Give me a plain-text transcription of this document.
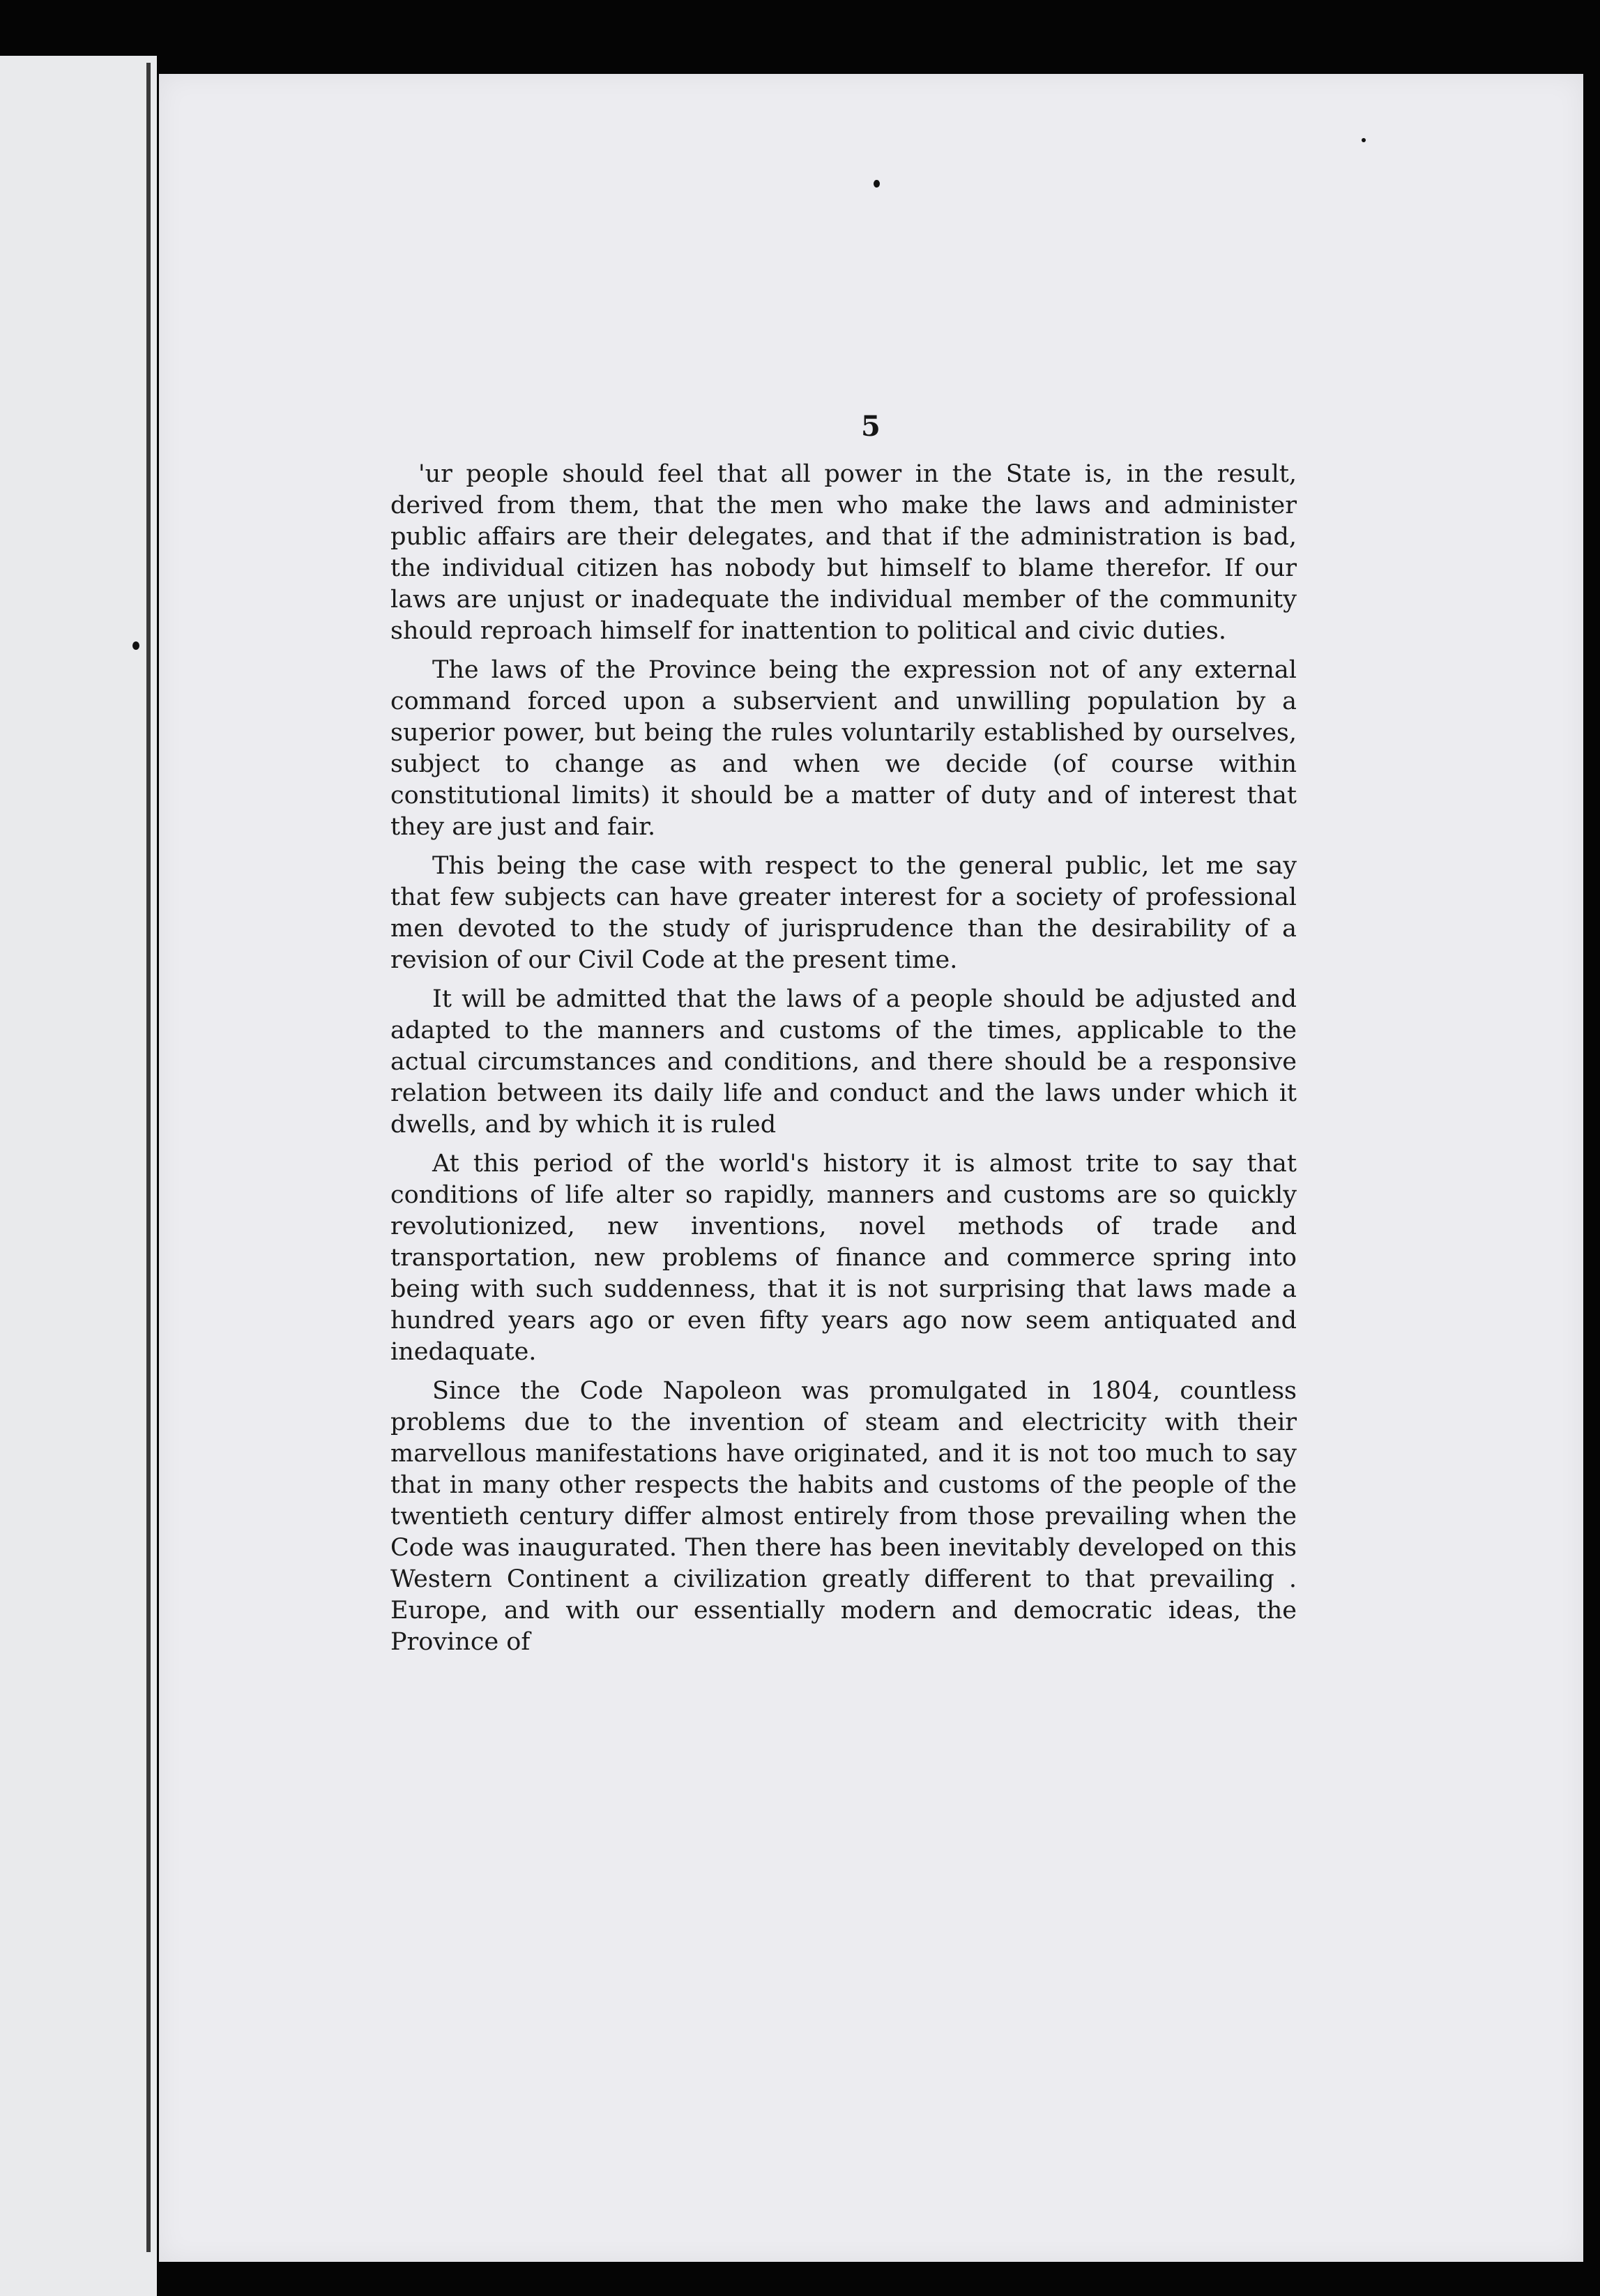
5

'ur people should feel that all power in the State is, in the result, derived from them, that the men who make the laws and administer public affairs are their delegates, and that if the administration is bad, the individual citizen has nobody but himself to blame therefor. If our laws are unjust or inadequate the individual member of the community should reproach himself for inattention to political and civic duties.

The laws of the Province being the expression not of any external command forced upon a subservient and unwilling population by a superior power, but being the rules voluntarily established by ourselves, subject to change as and when we decide (of course within constitutional limits) it should be a matter of duty and of interest that they are just and fair.

This being the case with respect to the general public, let me say that few subjects can have greater interest for a society of professional men devoted to the study of jurisprudence than the desirability of a revision of our Civil Code at the present time.

It will be admitted that the laws of a people should be adjusted and adapted to the manners and customs of the times, applicable to the actual circumstances and conditions, and there should be a responsive relation between its daily life and conduct and the laws under which it dwells, and by which it is ruled

At this period of the world's history it is almost trite to say that conditions of life alter so rapidly, manners and customs are so quickly revolutionized, new inventions, novel methods of trade and transportation, new problems of finance and commerce spring into being with such suddenness, that it is not surprising that laws made a hundred years ago or even fifty years ago now seem antiquated and inedaquate.

Since the Code Napoleon was promulgated in 1804, countless problems due to the invention of steam and electricity with their marvellous manifestations have originated, and it is not too much to say that in many other respects the habits and customs of the people of the twentieth century differ almost entirely from those prevailing when the Code was inaugurated. Then there has been inevitably developed on this Western Continent a civilization greatly different to that prevailing . Europe, and with our essentially modern and democratic ideas, the Province of
